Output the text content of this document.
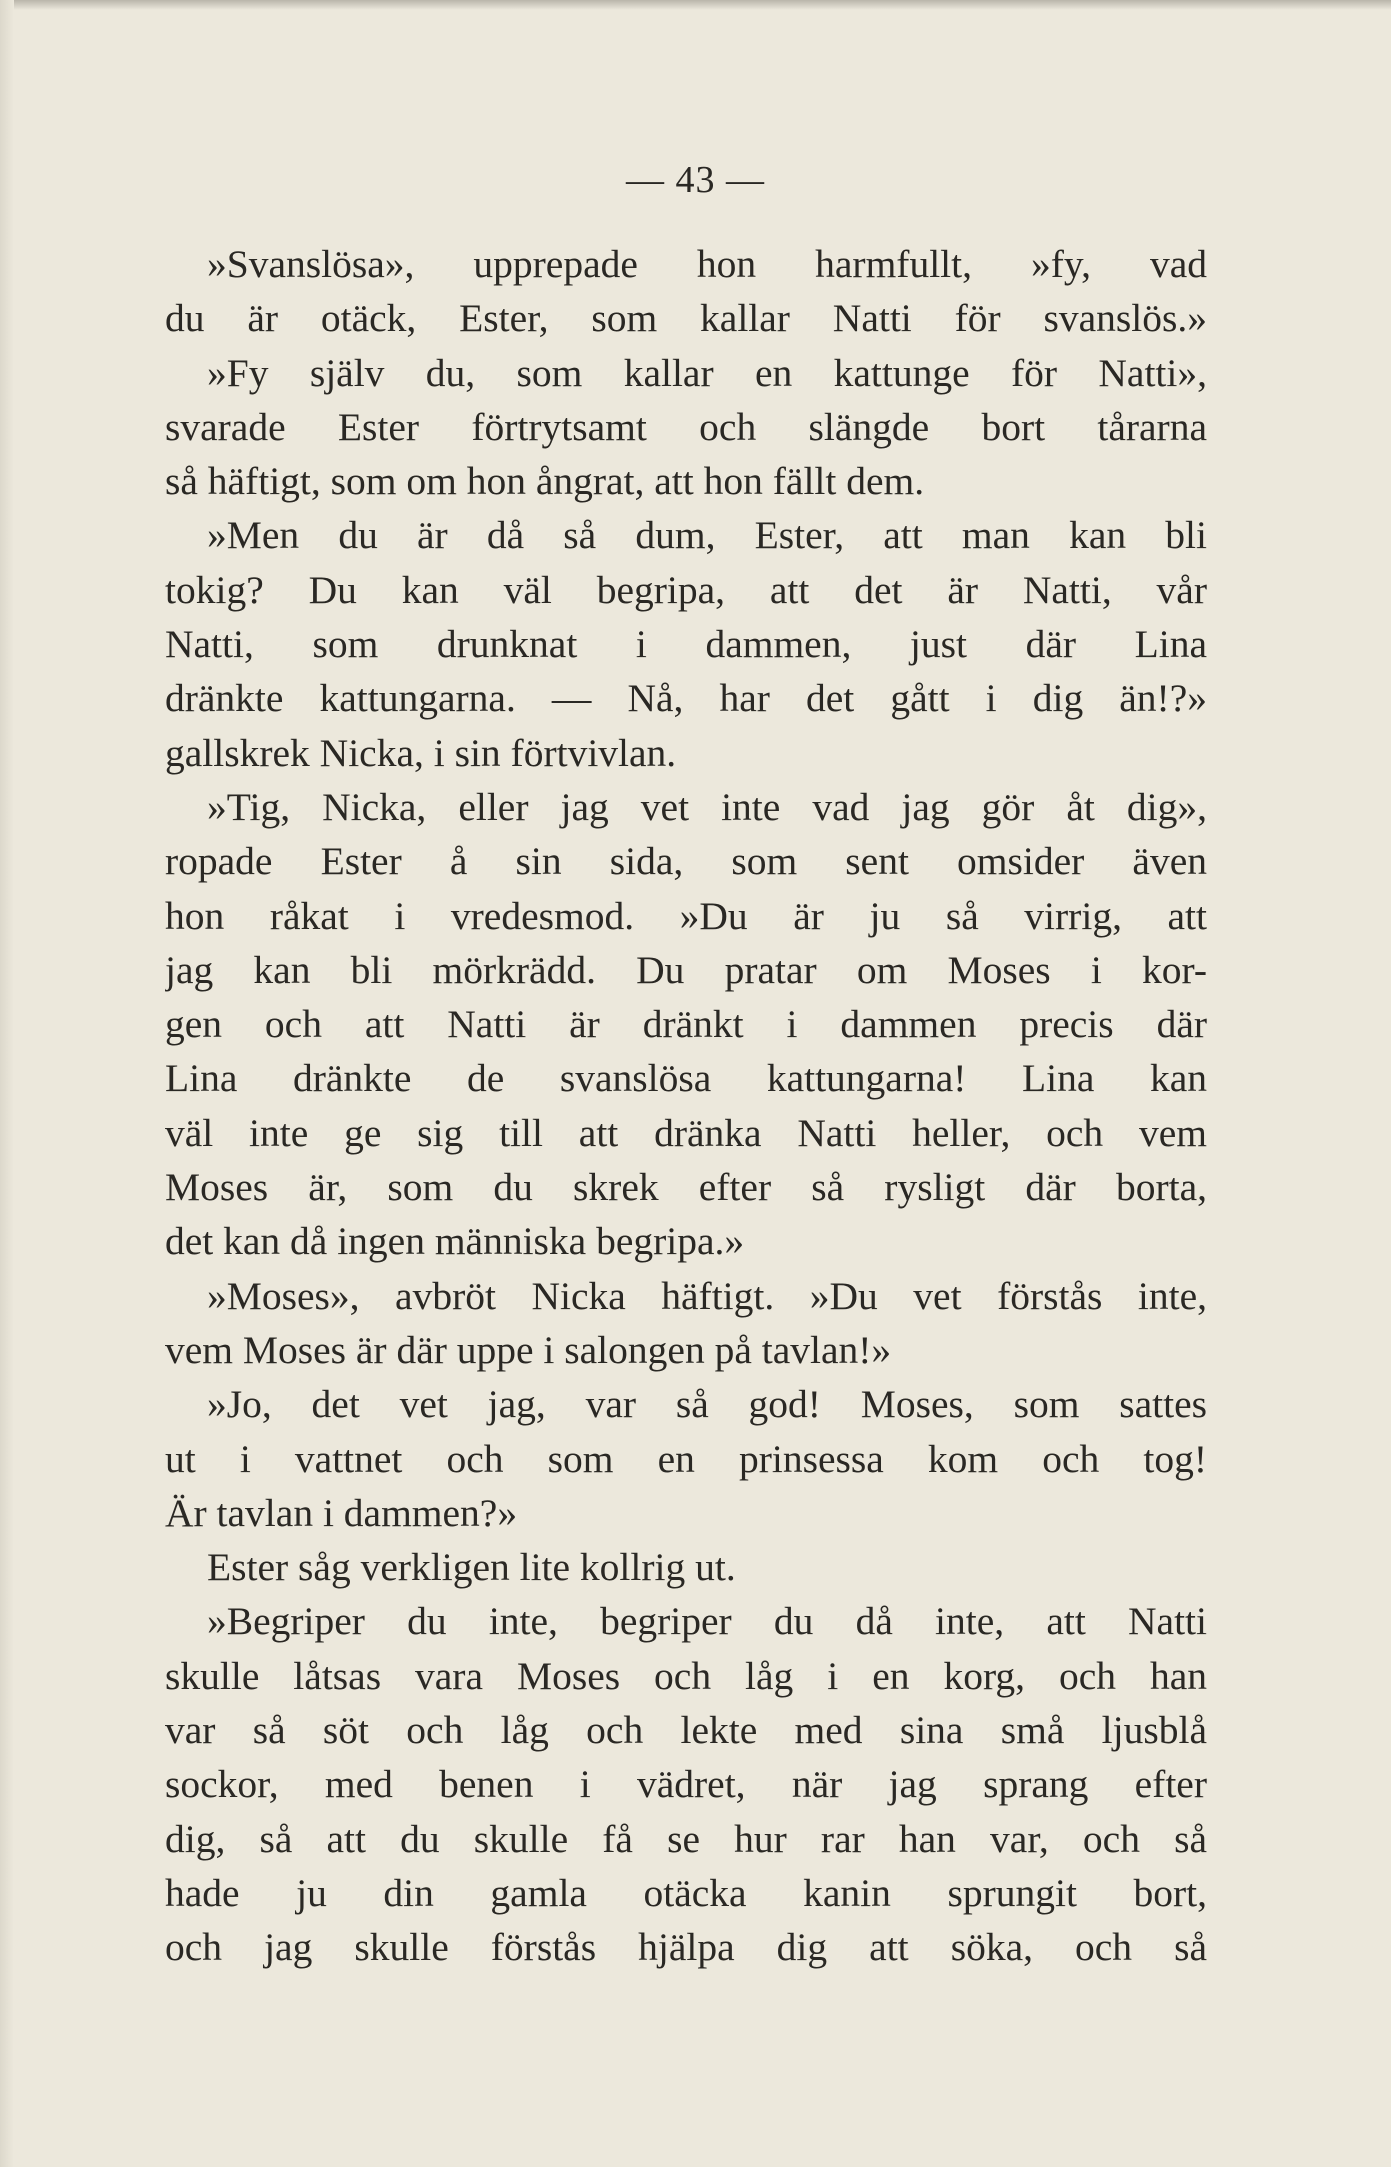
— 43 —
»Svanslösa», upprepade hon harmfullt, »fy, vad
du är otäck, Ester, som kallar Natti för svanslös.»
»Fy själv du, som kallar en kattunge för Natti»,
svarade Ester förtrytsamt och slängde bort tårarna
så häftigt, som om hon ångrat, att hon fällt dem.
»Men du är då så dum, Ester, att man kan bli
tokig? Du kan väl begripa, att det är Natti, vår
Natti, som drunknat i dammen, just där Lina
dränkte kattungarna. — Nå, har det gått i dig än!?»
gallskrek Nicka, i sin förtvivlan.
»Tig, Nicka, eller jag vet inte vad jag gör åt dig»,
ropade Ester å sin sida, som sent omsider även
hon råkat i vredesmod. »Du är ju så virrig, att
jag kan bli mörkrädd. Du pratar om Moses i kor-
gen och att Natti är dränkt i dammen precis där
Lina dränkte de svanslösa kattungarna! Lina kan
väl inte ge sig till att dränka Natti heller, och vem
Moses är, som du skrek efter så rysligt där borta,
det kan då ingen människa begripa.»
»Moses», avbröt Nicka häftigt. »Du vet förstås inte,
vem Moses är där uppe i salongen på tavlan!»
»Jo, det vet jag, var så god! Moses, som sattes
ut i vattnet och som en prinsessa kom och tog!
Är tavlan i dammen?»
Ester såg verkligen lite kollrig ut.
»Begriper du inte, begriper du då inte, att Natti
skulle låtsas vara Moses och låg i en korg, och han
var så söt och låg och lekte med sina små ljusblå
sockor, med benen i vädret, när jag sprang efter
dig, så att du skulle få se hur rar han var, och så
hade ju din gamla otäcka kanin sprungit bort,
och jag skulle förstås hjälpa dig att söka, och så
